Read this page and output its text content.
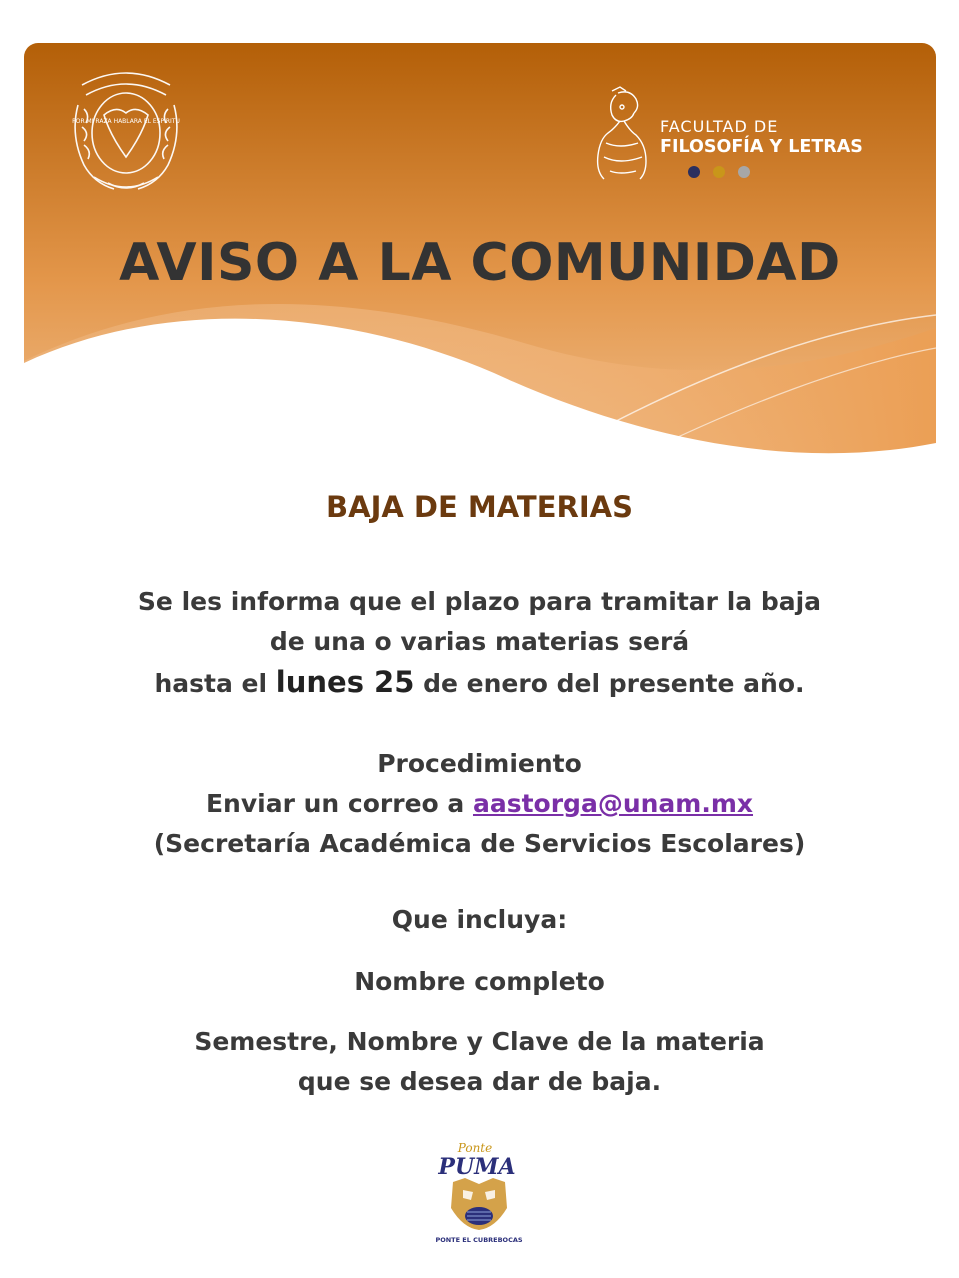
POR MI RAZA HABLARA EL ESPIRITU	FACULTAD DE
FILOSOFÍA Y LETRAS
AVISO A LA COMUNIDAD
BAJA DE MATERIAS
Se les informa que el plazo para tramitar la baja
de una o varias materias será
hasta el lunes 25 de enero del presente año.
Procedimiento
Enviar un correo a aastorga@unam.mx
(Secretaría Académica de Servicios Escolares)
Que incluya:
Nombre completo
Semestre, Nombre y Clave de la materia
que se desea dar de baja.
Ponte
PUMA
PONTE EL CUBREBOCAS
